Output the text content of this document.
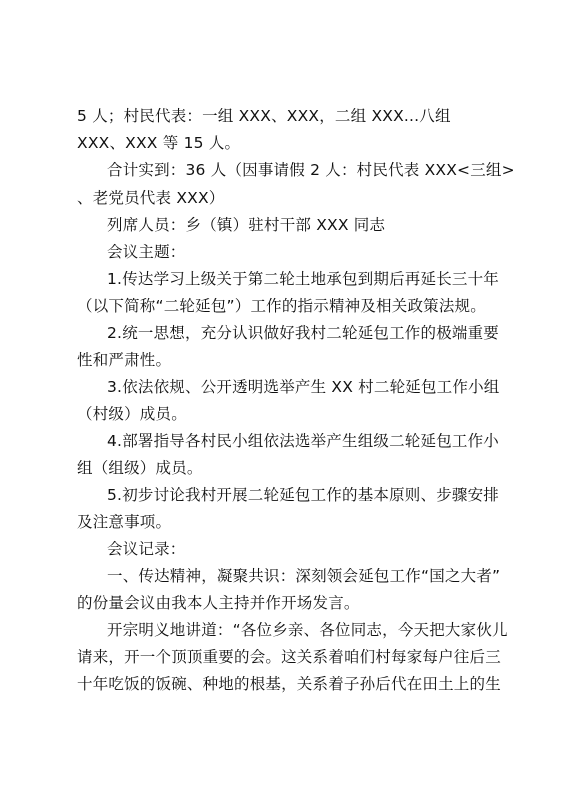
5 人；村民代表：一组 XXX、XXX，二组 XXX...八组
XXX、XXX 等 15 人。
合计实到：36 人（因事请假 2 人：村民代表 XXX<三组>
、老党员代表 XXX）
列席人员：乡（镇）驻村干部 XXX 同志
会议主题：
1.传达学习上级关于第二轮土地承包到期后再延长三十年
（以下简称“二轮延包”）工作的指示精神及相关政策法规。
2.统一思想，充分认识做好我村二轮延包工作的极端重要
性和严肃性。
3.依法依规、公开透明选举产生 XX 村二轮延包工作小组
（村级）成员。
4.部署指导各村民小组依法选举产生组级二轮延包工作小
组（组级）成员。
5.初步讨论我村开展二轮延包工作的基本原则、步骤安排
及注意事项。
会议记录：
一、传达精神，凝聚共识：深刻领会延包工作“国之大者”
的份量会议由我本人主持并作开场发言。
开宗明义地讲道：“各位乡亲、各位同志，今天把大家伙儿
请来，开一个顶顶重要的会。这关系着咱们村每家每户往后三
十年吃饭的饭碗、种地的根基，关系着子孙后代在田土上的生
